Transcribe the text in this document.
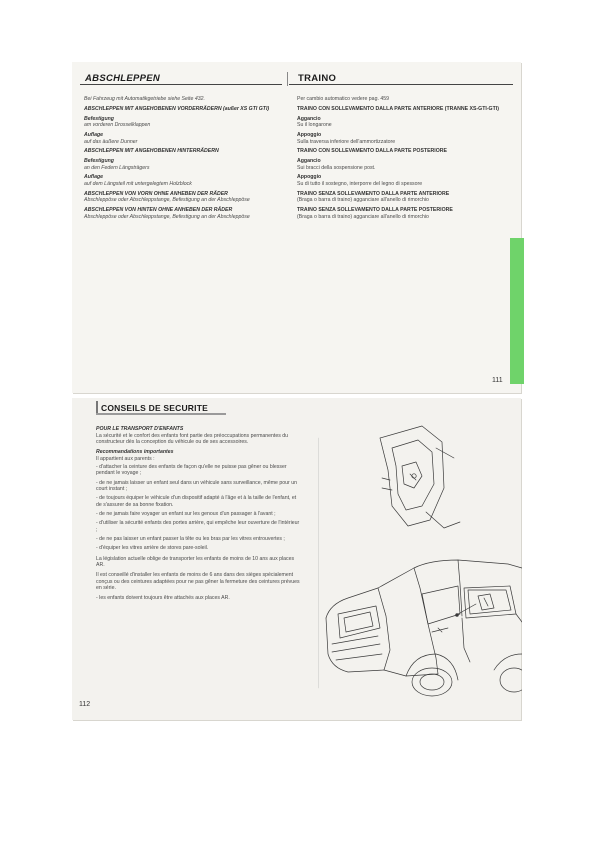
ABSCHLEPPEN	TRAINO

Bei Fahrzeug mit Automatikgetriebe siehe Seite 432.

ABSCHLEPPEN MIT ANGEHOBENEN VORDERRÄDERN (außer XS GTI GTI)

Befestigung

am vorderen Drosselklappen

Auflage

auf das äußere Dunner

ABSCHLEPPEN MIT ANGEHOBENEN HINTERRÄDERN

Befestigung

an den Federn Längsträgers

Auflage

auf dem Längsteil mit untergelegtem Holzblock

ABSCHLEPPEN VON VORN OHNE ANHEBEN DER RÄDER

Abschleppöse oder Abschleppstange, Befestigung an der Abschleppöse

ABSCHLEPPEN VON HINTEN OHNE ANHEBEN DER RÄDER

Abschleppöse oder Abschleppstange, Befestigung an der Abschleppöse

Per cambio automatico vedere pag. 459

TRAINO CON SOLLEVAMENTO DALLA PARTE ANTERIORE (TRANNE XS-GTI-GTI)

Aggancio

Su il longarone

Appoggio

Sulla traversa inferiore dell'ammortizzatore

TRAINO CON SOLLEVAMENTO DALLA PARTE POSTERIORE

Aggancio

Sui bracci della sospensione post.

Appoggio

Su di tutto il sostegno, interporre del legno di spessore

TRAINO SENZA SOLLEVAMENTO DALLA PARTE ANTERIORE

(Braga o barra di traino) agganciare all'anello di rimorchio

TRAINO SENZA SOLLEVAMENTO DALLA PARTE POSTERIORE

(Braga o barra di traino) agganciare all'anello di rimorchio

111
CONSEILS DE SECURITE

POUR LE TRANSPORT D'ENFANTS

La sécurité et le confort des enfants font partie des préoccupations permanentes du constructeur dès la conception du véhicule ou de ses accessoires.

Recommandations importantes

Il appartient aux parents :

- d'attacher la ceinture des enfants de façon qu'elle ne puisse pas gêner ou blesser pendant le voyage ;

- de ne jamais laisser un enfant seul dans un véhicule sans surveillance, même pour un court instant ;

- de toujours équiper le véhicule d'un dispositif adapté à l'âge et à la taille de l'enfant, et de s'assurer de sa bonne fixation.

- de ne jamais faire voyager un enfant sur les genoux d'un passager à l'avant ;

- d'utiliser la sécurité enfants des portes arrière, qui empêche leur ouverture de l'intérieur ;

- de ne pas laisser un enfant passer la tête ou les bras par les vitres entrouvertes ;

- d'équiper les vitres arrière de stores pare-soleil.

La législation actuelle oblige de transporter les enfants de moins de 10 ans aux places AR.

Il est conseillé d'installer les enfants de moins de 6 ans dans des sièges spécialement conçus ou des ceintures adaptées pour ne pas gêner la fermeture des ceintures prévues en série.

- les enfants doivent toujours être attachés aux places AR.

112
